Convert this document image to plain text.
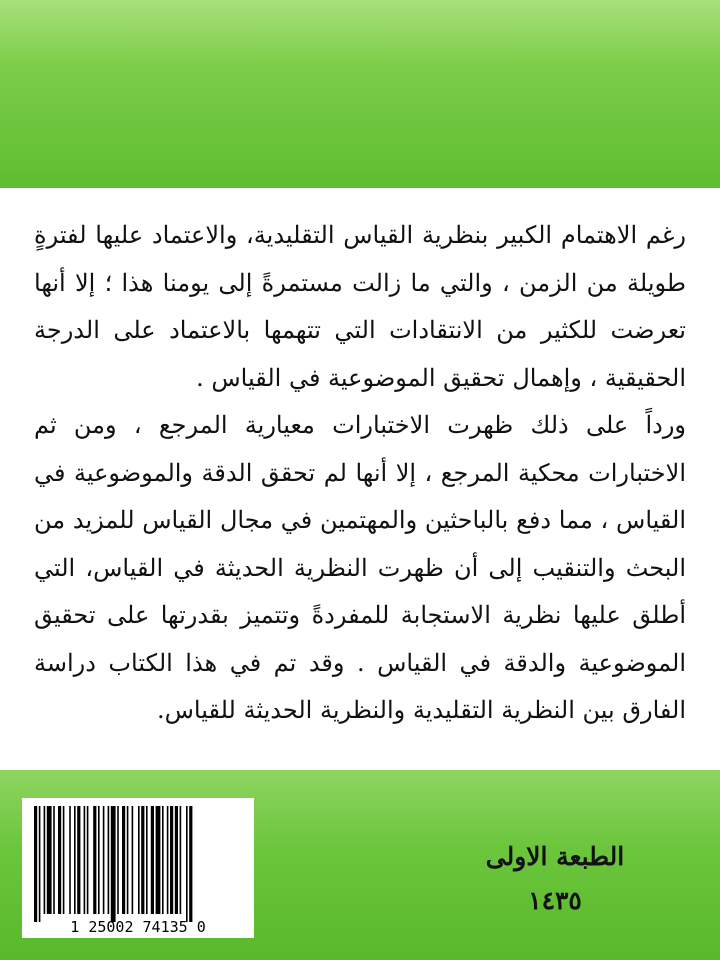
رغم الاهتمام الكبير بنظرية القياس التقليدية، والاعتماد عليها لفترةٍ طويلة من الزمن ، والتي ما زالت مستمرةً إلى يومنا هذا ؛ إلا أنها تعرضت للكثير من الانتقادات التي تتهمها بالاعتماد على الدرجة الحقيقية ، وإهمال تحقيق الموضوعية في القياس .

ورداً على ذلك ظهرت الاختبارات معيارية المرجع ، ومن ثم الاختبارات محكية المرجع ، إلا أنها لم تحقق الدقة والموضوعية في القياس ، مما دفع بالباحثين والمهتمين في مجال القياس للمزيد من البحث والتنقيب إلى أن ظهرت النظرية الحديثة في القياس، التي أطلق عليها نظرية الاستجابة للمفردةً وتتميز بقدرتها على تحقيق الموضوعية والدقة في القياس . وقد تم في هذا الكتاب دراسة الفارق بين النظرية التقليدية والنظرية الحديثة للقياس.

1 25002 74135 0
الطبعة الاولى
١٤٣٥
